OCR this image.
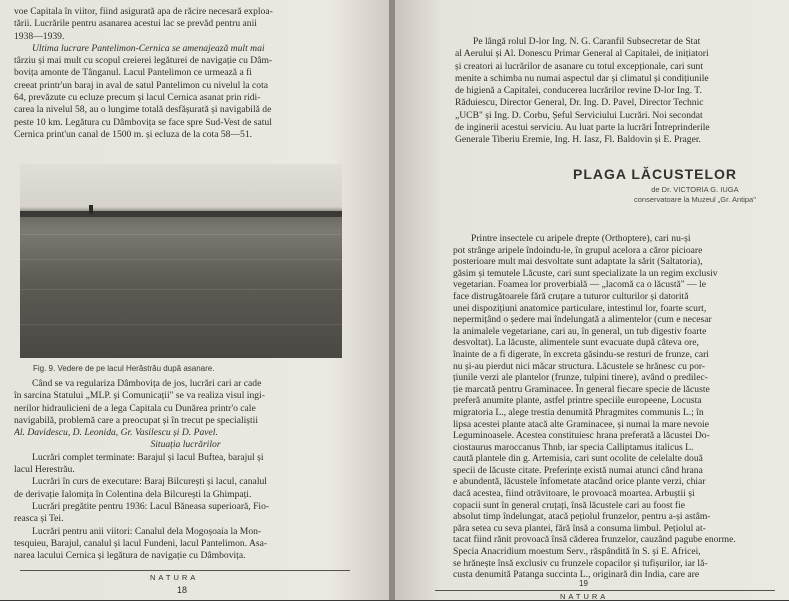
voe Capitala în viitor, fiind asigurată apa de răcire necesară exploa-
tării. Lucrările pentru asanarea acestui lac se prevăd pentru anii
1938—1939.
Ultima lucrare Pantelimon-Cernica se amenajează mult mai
târziu și mai mult cu scopul creierei legăturei de navigație cu Dâm-
bovița amonte de Tânganul. Lacul Pantelimon ce urmează a fi
creeat printr'un baraj in aval de satul Pantelimon cu nivelul la cota
64, prevăzute cu ecluze precum și lacul Cernica asanat prin ridi-
carea la nivelul 58, au o lungime totală desfășurată și navigabilă de
peste 10 km. Legătura cu Dâmbovița se face spre Sud-Vest de satul
Cernica print'un canal de 1500 m. și ecluza de la cota 58—51.
Fig. 9. Vedere de pe lacul Herăstrău după asanare.
Când se va regulariza Dâmbovița de jos, lucrări cari ar cade
în sarcina Statului „MLP. și Comunicații" se va realiza visul ingi-
nerilor hidraulicieni de a lega Capitala cu Dunărea printr'o cale
navigabilă, problemă care a preocupat și în trecut pe specialiștii
Al. Davidescu, D. Leonida, Gr. Vasilescu și D. Pavel.
Situația lucrărilor
Lucrări complet terminate: Barajul și lacul Buftea, barajul și
lacul Herestrău.
Lucrări în curs de executare: Baraj Bilcurești și lacul, canalul
de derivație Ialomița în Colentina dela Bilcurești la Ghimpați.
Lucrări pregătite pentru 1936: Lacul Băneasa superioară, Fio-
reasca și Tei.
Lucrări pentru anii viitori: Canalul dela Mogoșoaia la Mon-
tesquieu, Barajul, canalul și lacul Fundeni, lacul Pantelimon. Asa-
narea lacului Cernica și legătura de navigație cu Dâmbovița.
NATURA
18
Pe lângă rolul D-lor Ing. N. G. Caranfil Subsecretar de Stat
al Aerului și Al. Donescu Primar General al Capitalei, de inițiatori
și creatori ai lucrărilor de asanare cu totul excepționale, cari sunt
menite a schimba nu numai aspectul dar și climatul și condițiunile
de higienă a Capitalei, conducerea lucrărilor revine D-lor Ing. T.
Răduiescu, Director General, Dr. Ing. D. Pavel, Director Technic
„UCB" și Ing. D. Corbu, Șeful Serviciului Lucrări. Noi secondat
de inginerii acestui serviciu. Au luat parte la lucrări Întreprinderile
Generale Tiberiu Eremie, Ing. H. Iasz, Fl. Baldovin și E. Prager.
PLAGA LĂCUSTELOR
de Dr. VICTORIA G. IUGA
conservatoare la Muzeul „Gr. Antipa"
Printre insectele cu aripele drepte (Orthoptere), cari nu-și
pot strânge aripele îndoindu-le, în grupul acelora a căror picioare
posterioare mult mai desvoltate sunt adaptate la sărit (Saltatoria),
găsim și temutele Lăcuste, cari sunt specializate la un regim exclusiv
vegetarian. Foamea lor proverbială — „lacomă ca o lăcustă" — le
face distrugătoarele fără cruțare a tuturor culturilor și datorită
unei dispozițiuni anatomice particulare, intestinul lor, foarte scurt,
nepermițând o ședere mai îndelungată a alimentelor (cum e necesar
la animalele vegetariane, cari au, în general, un tub digestiv foarte
desvoltat). La lăcuste, alimentele sunt evacuate după câteva ore,
înainte de a fi digerate, în excreta găsindu-se resturi de frunze, cari
nu și-au pierdut nici măcar structura. Lăcustele se hrănesc cu por-
țiunile verzi ale plantelor (frunze, tulpini tinere), având o predilec-
ție marcată pentru Graminacee. În general fiecare specie de lăcuste
preferă anumite plante, astfel printre speciile europeene, Locusta
migratoria L., alege trestia denumită Phragmites communis L.; în
lipsa acestei plante atacă alte Graminacee, și numai la mare nevoie
Leguminoasele. Acestea constituiesc hrana preferată a lăcustei Do-
ciostaurus maroccanus Thnb, iar specia Calliptamus italicus L.
caută plantele din g. Artemisia, cari sunt ocolite de celelalte două
specii de lăcuste citate. Preferințe există numai atunci când hrana
e abundentă, lăcustele înfometate atacând orice plante verzi, chiar
dacă acestea, fiind otrăvitoare, le provoacă moartea. Arbuștii și
copacii sunt în general cruțați, însă lăcustele cari au foost fie
absolut timp îndelungat, atacă pețiolul frunzelor, pentru a-și astâm-
păra setea cu seva plantei, fără însă a consuma limbul. Pețiolul at-
tacat fiind rănit provoacă însă căderea frunzelor, cauzând pagube enorme.
Specia Anacridium moestum Serv., răspândită în S. și E. Africei,
se hrănește însă exclusiv cu frunzele copacilor și tufișurilor, iar lă-
custa denumită Patanga succinta L., originară din India, care are
NATURA
19
